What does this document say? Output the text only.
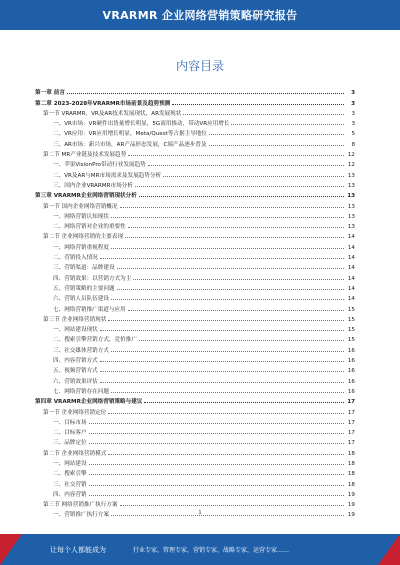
VRARMR 企业网络营销策略研究报告
内容目录
第一章 前言	3
第二章 2023-2028年VRARMR市场前景及趋势预测	3
第一节 VRARMR，VR及AR技术发展现状，AR发展现状	3
一、VR市场：VR硬件出货量增长明显，5G商用推动，带动VR应用增长	3
二、VR应用：VR应用增长明显，Meta/Quest等占据主导地位	5
三、AR市场：新兴市场，AR产品形态发展，C端产品逐步普及	8
第二节 MR产业链及技术发展趋势	12
一、苹果VisionPro带动行业发展趋势	12
二、VR及AR与MR市场需求及发展趋势分析	13
三、国内企业VRARMR市场分析	13
第三章 VRARMR企业网络营销现状分析	13
第一节 国内企业网络营销概况	13
一、网络营销认知现状	13
二、网络营销对企业的重要性	13
第二节 企业网络营销的主要表现	14
一、网络营销重视程度	14
二、营销投入情况	14
三、营销渠道：品牌建设	14
四、营销效果：以营销方式为主	14
五、营销策略的主要问题	14
六、营销人员队伍建设	14
七、网络营销推广渠道与应用	15
第三节 企业网络营销现状	15
一、网站建设现状	15
二、搜索引擎营销方式，竞价推广	15
三、社交媒体营销方式	16
四、内容营销方式	16
五、视频营销方式	16
六、营销效果评估	16
七、网络营销存在问题	16
第四章 VRARMR企业网络营销策略与建议	17
第一节 企业网络营销定位	17
一、目标市场	17
二、目标客户	17
三、品牌定位	17
第二节 企业网络营销模式	18
一、网站建设	18
二、搜索引擎	18
三、社交营销	18
四、内容营销	19
第三节 网络营销推广执行方案	19
一、营销推广执行方案	19
1
让每个人都能成为	行业专家，管理专家，营销专家，战略专家，运营专家……
